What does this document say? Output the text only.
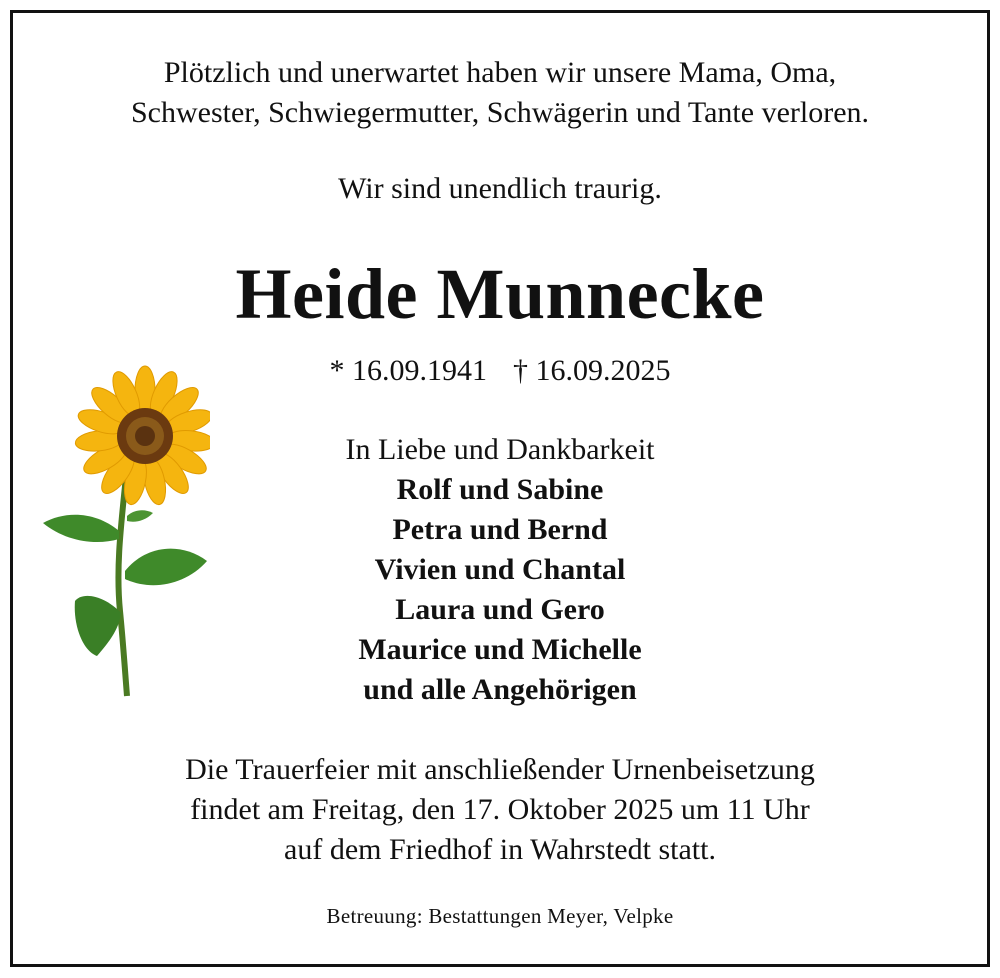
Plötzlich und unerwartet haben wir unsere Mama, Oma,
Schwester, Schwiegermutter, Schwägerin und Tante verloren.
Wir sind unendlich traurig.
Heide Munnecke
* 16.09.1941 † 16.09.2025
In Liebe und Dankbarkeit
Rolf und Sabine
Petra und Bernd
Vivien und Chantal
Laura und Gero
Maurice und Michelle
und alle Angehörigen
Die Trauerfeier mit anschließender Urnenbeisetzung
findet am Freitag, den 17. Oktober 2025 um 11 Uhr
auf dem Friedhof in Wahrstedt statt.
Betreuung: Bestattungen Meyer, Velpke
